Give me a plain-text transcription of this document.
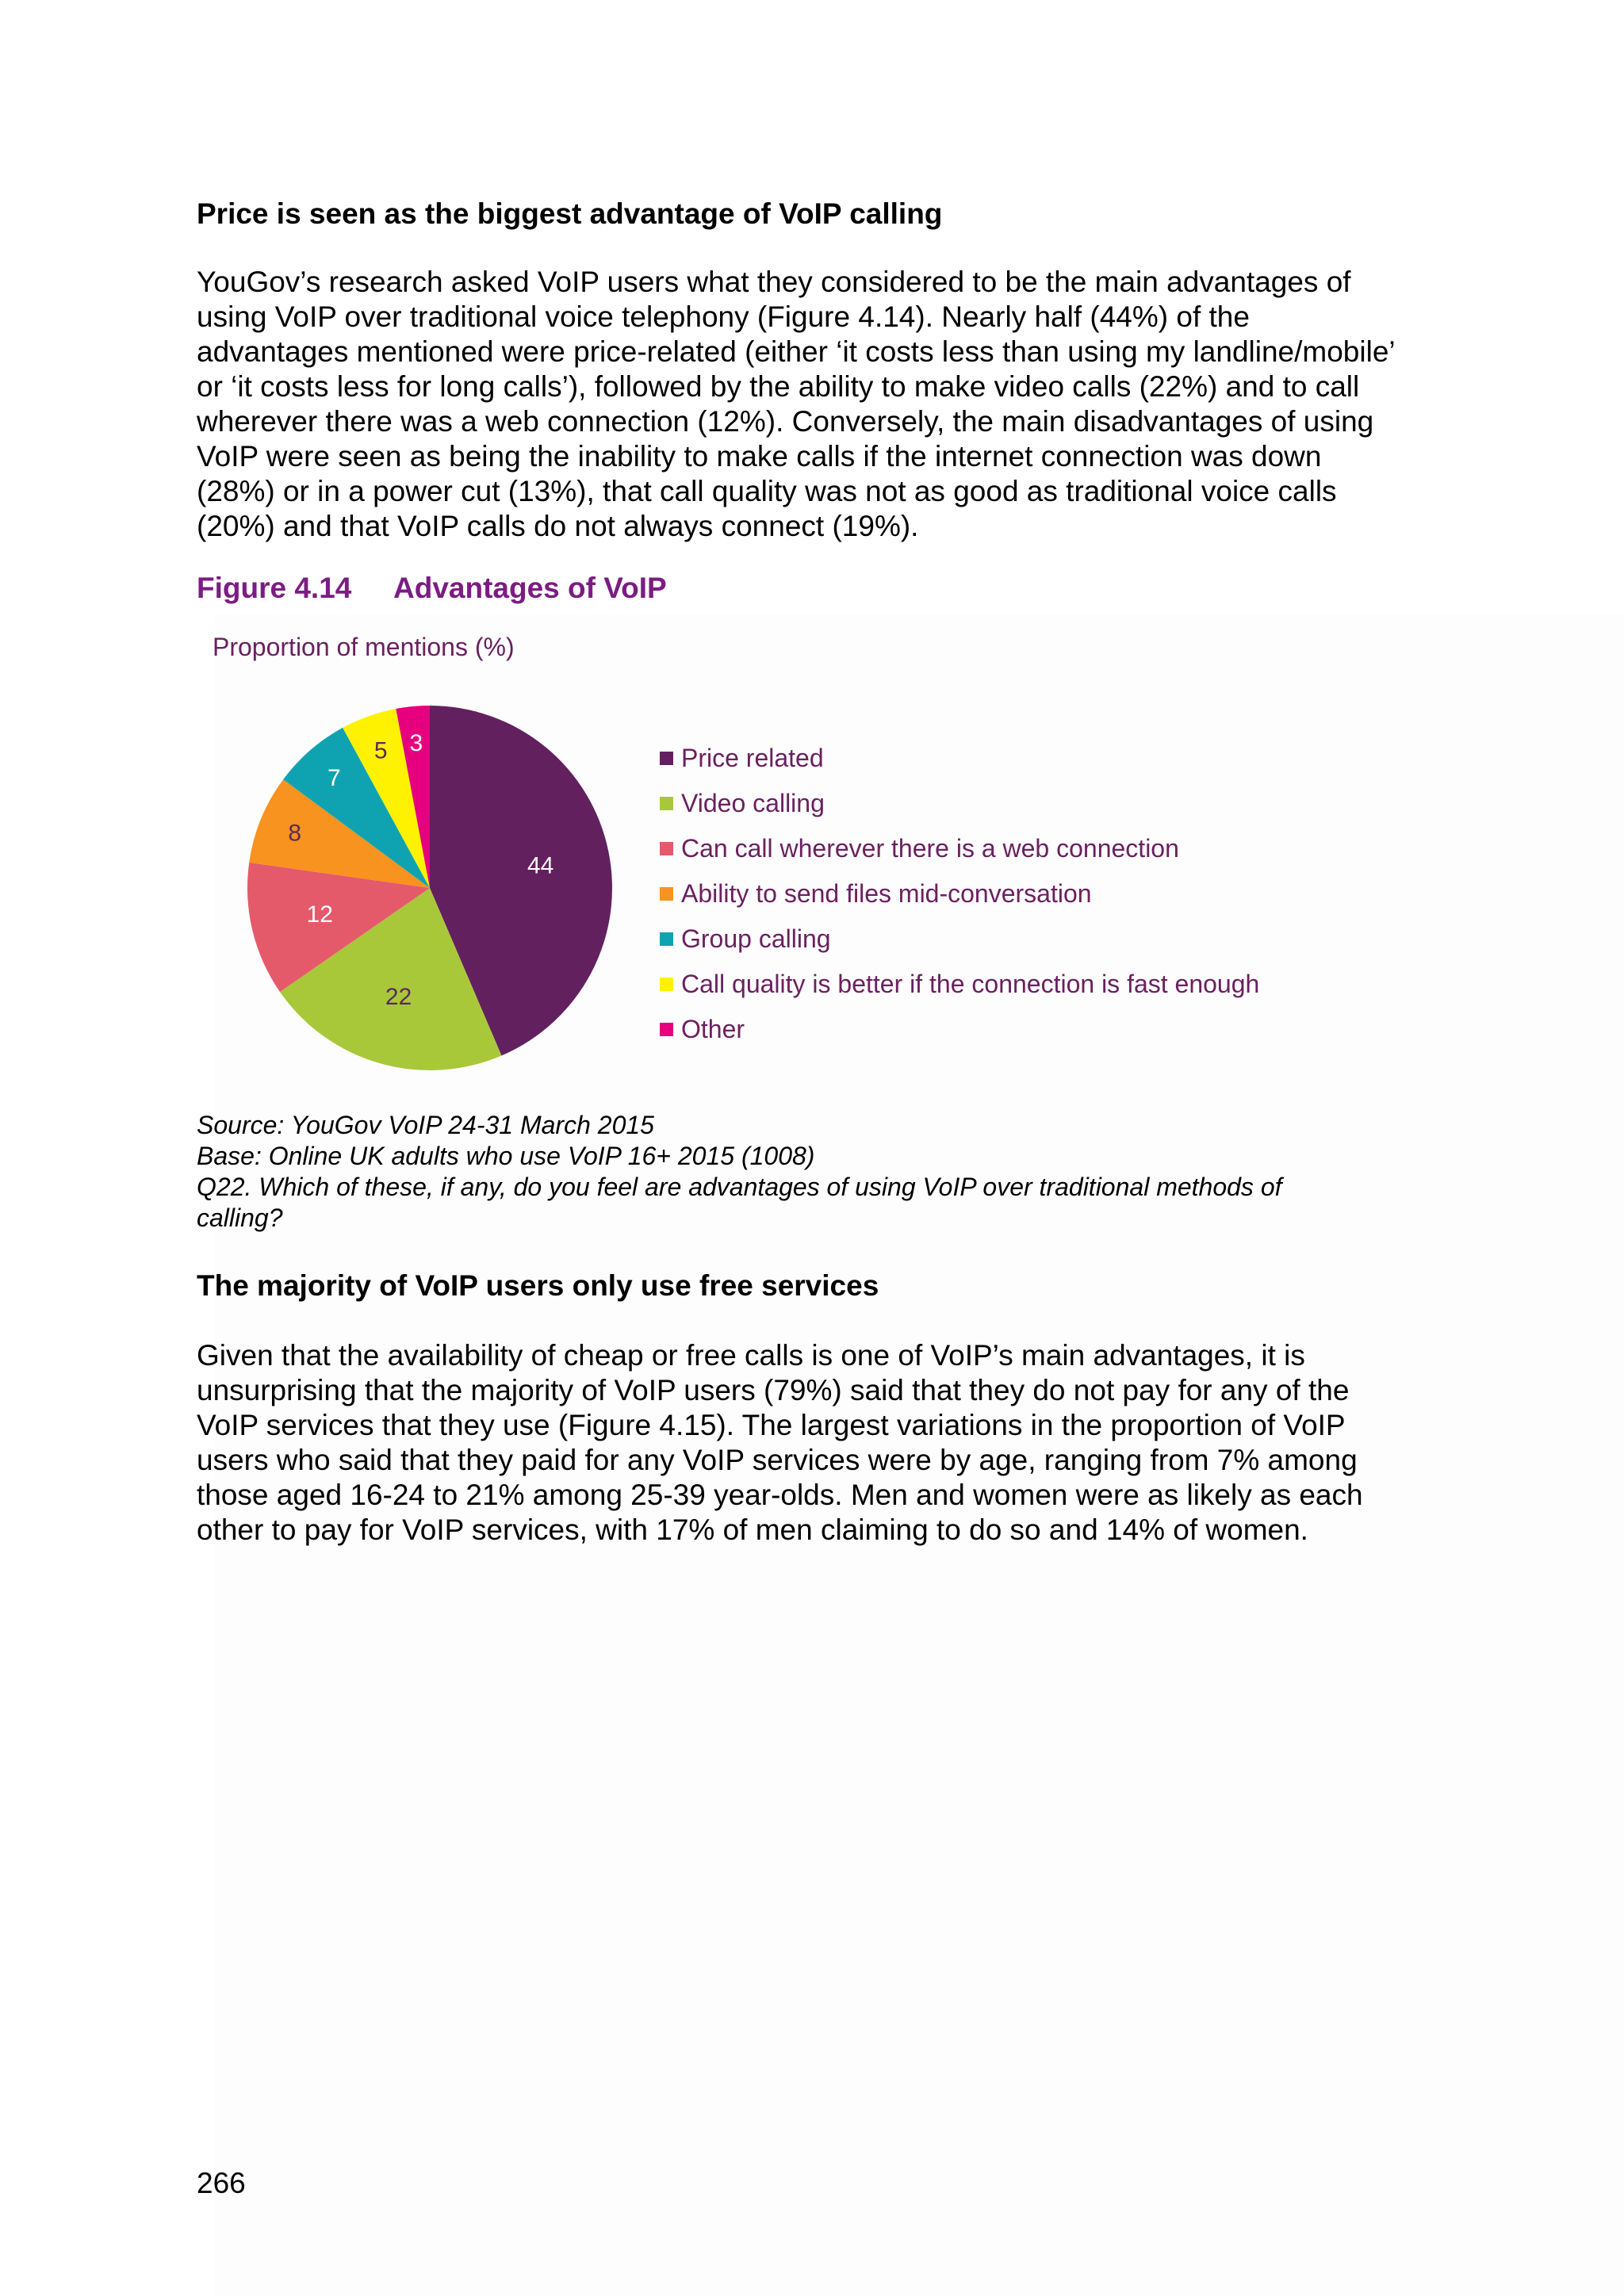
Price is seen as the biggest advantage of VoIP calling
YouGov’s research asked VoIP users what they considered to be the main advantages of
using VoIP over traditional voice telephony (Figure 4.14). Nearly half (44%) of the
advantages mentioned were price-related (either ‘it costs less than using my landline/mobile’
or ‘it costs less for long calls’), followed by the ability to make video calls (22%) and to call
wherever there was a web connection (12%). Conversely, the main disadvantages of using
VoIP were seen as being the inability to make calls if the internet connection was down
(28%) or in a power cut (13%), that call quality was not as good as traditional voice calls
(20%) and that VoIP calls do not always connect (19%).
Figure 4.14 Advantages of VoIP
Proportion of mentions (%)
44
22
12
8
7
5 3
Price related
Video calling
Can call wherever there is a web connection
Ability to send files mid-conversation
Group calling
Call quality is better if the connection is fast enough
Other
Source: YouGov VoIP 24-31 March 2015
Base: Online UK adults who use VoIP 16+ 2015 (1008)
Q22. Which of these, if any, do you feel are advantages of using VoIP over traditional methods of
calling?
The majority of VoIP users only use free services
Given that the availability of cheap or free calls is one of VoIP’s main advantages, it is
unsurprising that the majority of VoIP users (79%) said that they do not pay for any of the
VoIP services that they use (Figure 4.15). The largest variations in the proportion of VoIP
users who said that they paid for any VoIP services were by age, ranging from 7% among
those aged 16-24 to 21% among 25-39 year-olds. Men and women were as likely as each
other to pay for VoIP services, with 17% of men claiming to do so and 14% of women.
266
